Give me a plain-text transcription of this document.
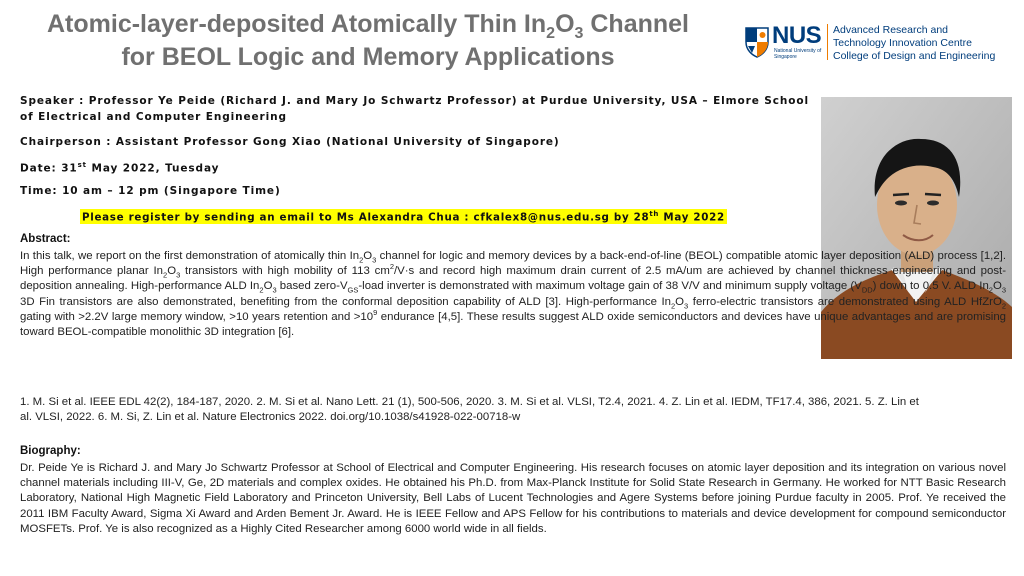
Atomic-layer-deposited Atomically Thin $In_2O_3$ Channel
for BEOL Logic and Memory Applications
NUS
National University of Singapore
Advanced Research and
Technology Innovation Centre
College of Design and Engineering
Speaker : Professor Ye Peide (Richard J. and Mary Jo Schwartz Professor) at Purdue University, USA – Elmore School
of Electrical and Computer Engineering
Chairperson : Assistant Professor Gong Xiao (National University of Singapore)
Date: 31st May 2022, Tuesday
Time: 10 am – 12 pm (Singapore Time)
Please register by sending an email to Ms Alexandra Chua : cfkalex8@nus.edu.sg by 28th May 2022
Abstract:
In this talk, we report on the first demonstration of atomically thin $In_2O_3$ channel for logic and memory devices by a back-end-of-line (BEOL) compatible atomic layer deposition (ALD) process [1,2]. High performance planar $In_2O_3$ transistors with high mobility of 113 $cm^2/V\cdot s$ and record high maximum drain current of 2.5 mA/um are achieved by channel thickness engineering and post-deposition annealing. High-performance ALD $In_2O_3$ based zero-$V_{GS}$-load inverter is demonstrated with maximum voltage gain of 38 V/V and minimum supply voltage $(V_{DD})$ down to 0.5 V. ALD $In_2O_3$ 3D Fin transistors are also demonstrated, benefiting from the conformal deposition capability of ALD [3]. High-performance $In_2O_3$ ferro-electric transistors are demonstrated using ALD HfZrO$_2$ gating with >2.2V large memory window, >10 years retention and $>10^9$ endurance [4,5]. These results suggest ALD oxide semiconductors and devices have unique advantages and are promising toward BEOL-compatible monolithic 3D integration [6].
1. M. Si et al. IEEE EDL 42(2), 184-187, 2020. 2. M. Si et al. Nano Lett. 21 (1), 500-506, 2020. 3. M. Si et al. VLSI, T2.4, 2021. 4. Z. Lin et al. IEDM, TF17.4, 386, 2021. 5. Z. Lin et
al. VLSI, 2022. 6. M. Si, Z. Lin et al. Nature Electronics 2022. doi.org/10.1038/s41928-022-00718-w
Biography:
Dr. Peide Ye is Richard J. and Mary Jo Schwartz Professor at School of Electrical and Computer Engineering. His research focuses on atomic layer deposition and its integration on various novel channel materials including III-V, Ge, 2D materials and complex oxides. He obtained his Ph.D. from Max-Planck Institute for Solid State Research in Germany. He worked for NTT Basic Research Laboratory, National High Magnetic Field Laboratory and Princeton University, Bell Labs of Lucent Technologies and Agere Systems before joining Purdue faculty in 2005. Prof. Ye received the 2011 IBM Faculty Award, Sigma Xi Award and Arden Bement Jr. Award. He is IEEE Fellow and APS Fellow for his contributions to materials and device development for compound semiconductor MOSFETs. Prof. Ye is also recognized as a Highly Cited Researcher among 6000 world wide in all fields.
